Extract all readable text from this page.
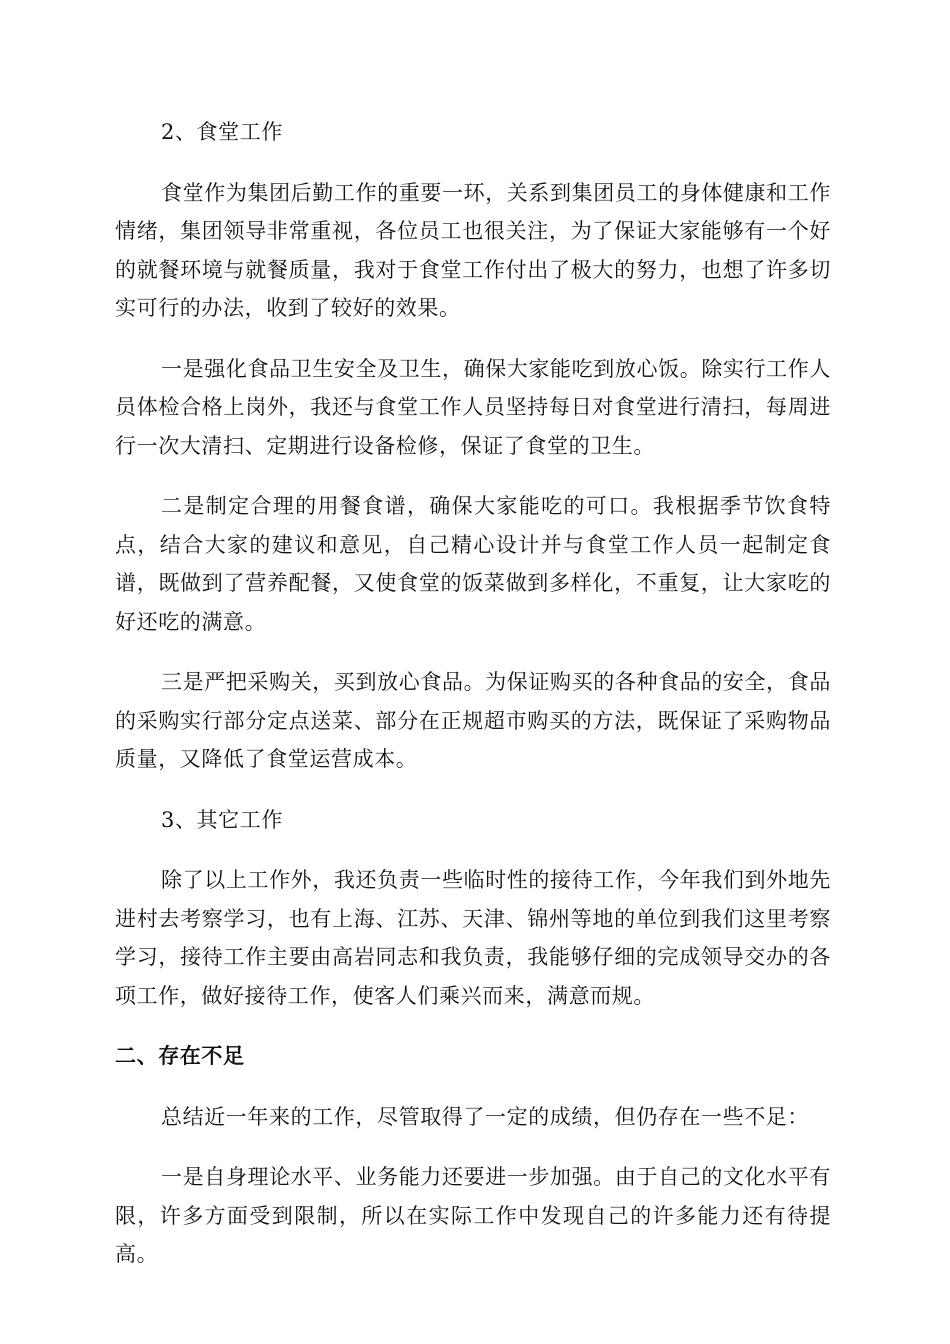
2、食堂工作

食堂作为集团后勤工作的重要一环，关系到集团员工的身体健康和工作情绪，集团领导非常重视，各位员工也很关注，为了保证大家能够有一个好的就餐环境与就餐质量，我对于食堂工作付出了极大的努力，也想了许多切实可行的办法，收到了较好的效果。

一是强化食品卫生安全及卫生，确保大家能吃到放心饭。除实行工作人员体检合格上岗外，我还与食堂工作人员坚持每日对食堂进行清扫，每周进行一次大清扫、定期进行设备检修，保证了食堂的卫生。

二是制定合理的用餐食谱，确保大家能吃的可口。我根据季节饮食特点，结合大家的建议和意见，自己精心设计并与食堂工作人员一起制定食谱，既做到了营养配餐，又使食堂的饭菜做到多样化，不重复，让大家吃的好还吃的满意。

三是严把采购关，买到放心食品。为保证购买的各种食品的安全，食品的采购实行部分定点送菜、部分在正规超市购买的方法，既保证了采购物品质量，又降低了食堂运营成本。

3、其它工作

除了以上工作外，我还负责一些临时性的接待工作，今年我们到外地先进村去考察学习，也有上海、江苏、天津、锦州等地的单位到我们这里考察学习，接待工作主要由高岩同志和我负责，我能够仔细的完成领导交办的各项工作，做好接待工作，使客人们乘兴而来，满意而规。

二、存在不足

总结近一年来的工作，尽管取得了一定的成绩，但仍存在一些不足：

一是自身理论水平、业务能力还要进一步加强。由于自己的文化水平有限，许多方面受到限制，所以在实际工作中发现自己的许多能力还有待提高。
